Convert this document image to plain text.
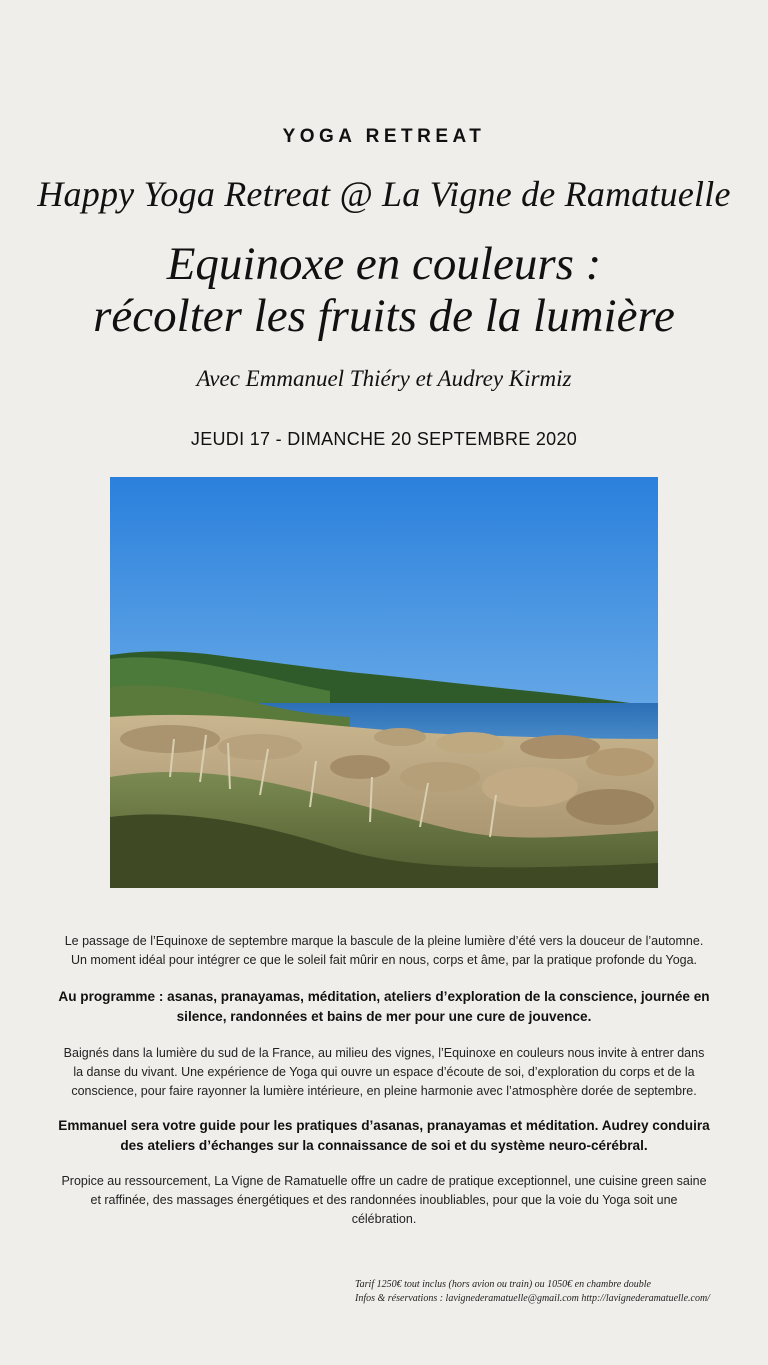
YOGA RETREAT
Happy Yoga Retreat @ La Vigne de Ramatuelle
Equinoxe en couleurs :
récolter les fruits de la lumière
Avec Emmanuel Thiéry et Audrey Kirmiz
JEUDI 17 - DIMANCHE 20 SEPTEMBRE 2020
Le passage de l’Equinoxe de septembre marque la bascule de la pleine lumière d’été vers la douceur de l’automne. Un moment idéal pour intégrer ce que le soleil fait mûrir en nous, corps et âme, par la pratique profonde du Yoga.
Au programme : asanas, pranayamas, méditation, ateliers d’exploration de la conscience, journée en silence, randonnées et bains de mer pour une cure de jouvence.
Baignés dans la lumière du sud de la France, au milieu des vignes, l’Equinoxe en couleurs nous invite à entrer dans la danse du vivant. Une expérience de Yoga qui ouvre un espace d’écoute de soi, d’exploration du corps et de la conscience, pour faire rayonner la lumière intérieure, en pleine harmonie avec l’atmosphère dorée de septembre.
Emmanuel sera votre guide pour les pratiques d’asanas, pranayamas et méditation. Audrey conduira des ateliers d’échanges sur la connaissance de soi et du système neuro-cérébral.
Propice au ressourcement, La Vigne de Ramatuelle offre un cadre de pratique exceptionnel, une cuisine green saine et raffinée, des massages énergétiques et des randonnées inoubliables, pour que la voie du Yoga soit une célébration.
Tarif 1250€ tout inclus (hors avion ou train) ou 1050€ en chambre double
Infos & réservations : lavignederamatuelle@gmail.com http://lavignederamatuelle.com/
